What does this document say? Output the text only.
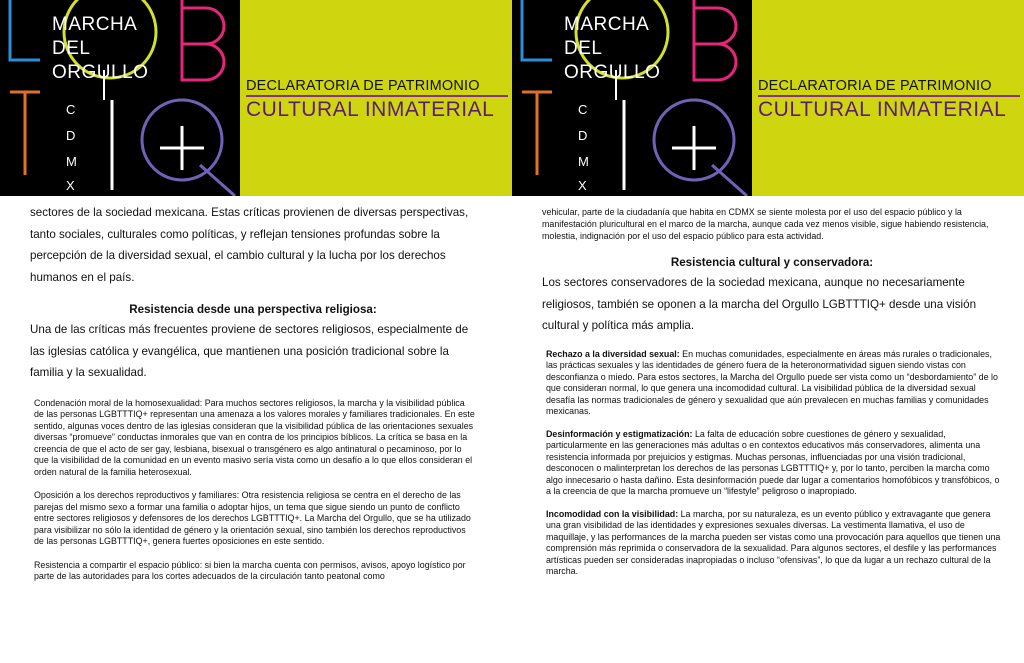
MARCHA
DEL
ORGULLO
C
D
M
X
DECLARATORIA DE PATRIMONIO
CULTURAL INMATERIAL

sectores de la sociedad mexicana. Estas críticas provienen de diversas perspectivas, tanto sociales, culturales como políticas, y reflejan tensiones profundas sobre la percepción de la diversidad sexual, el cambio cultural y la lucha por los derechos humanos en el país.

Resistencia desde una perspectiva religiosa:

Una de las críticas más frecuentes proviene de sectores religiosos, especialmente de las iglesias católica y evangélica, que mantienen una posición tradicional sobre la familia y la sexualidad.

Condenación moral de la homosexualidad: Para muchos sectores religiosos, la marcha y la visibilidad pública de las personas LGBTTTIQ+ representan una amenaza a los valores morales y familiares tradicionales. En este sentido, algunas voces dentro de las iglesias consideran que la visibilidad pública de las orientaciones sexuales diversas “promueve” conductas inmorales que van en contra de los principios bíblicos. La crítica se basa en la creencia de que el acto de ser gay, lesbiana, bisexual o transgénero es algo antinatural o pecaminoso, por lo que la visibilidad de la comunidad en un evento masivo sería vista como un desafío a lo que ellos consideran el orden natural de la familia heterosexual.

Oposición a los derechos reproductivos y familiares: Otra resistencia religiosa se centra en el derecho de las parejas del mismo sexo a formar una familia o adoptar hijos, un tema que sigue siendo un punto de conflicto entre sectores religiosos y defensores de los derechos LGBTTTIQ+. La Marcha del Orgullo, que se ha utilizado para visibilizar no sólo la identidad de género y la orientación sexual, sino también los derechos reproductivos de las personas LGBTTTIQ+, genera fuertes oposiciones en este sentido.

Resistencia a compartir el espacio público: si bien la marcha cuenta con permisos, avisos, apoyo logístico por parte de las autoridades para los cortes adecuados de la circulación tanto peatonal como

MARCHA
DEL
ORGULLO
C
D
M
X
DECLARATORIA DE PATRIMONIO
CULTURAL INMATERIAL

vehicular, parte de la ciudadanía que habita en CDMX se siente molesta por el uso del espacio público y la manifestación pluricultural en el marco de la marcha, aunque cada vez menos visible, sigue habiendo resistencia, molestia, indignación por el uso del espacio público para esta actividad.

Resistencia cultural y conservadora:

Los sectores conservadores de la sociedad mexicana, aunque no necesariamente religiosos, también se oponen a la marcha del Orgullo LGBTTTIQ+ desde una visión cultural y política más amplia.

Rechazo a la diversidad sexual: En muchas comunidades, especialmente en áreas más rurales o tradicionales, las prácticas sexuales y las identidades de género fuera de la heteronormatividad siguen siendo vistas con desconfianza o miedo. Para estos sectores, la Marcha del Orgullo puede ser vista como un “desbordamiento” de lo que consideran normal, lo que genera una incomodidad cultural. La visibilidad pública de la diversidad sexual desafía las normas tradicionales de género y sexualidad que aún prevalecen en muchas familias y comunidades mexicanas.

Desinformación y estigmatización: La falta de educación sobre cuestiones de género y sexualidad, particularmente en las generaciones más adultas o en contextos educativos más conservadores, alimenta una resistencia informada por prejuicios y estigmas. Muchas personas, influenciadas por una visión tradicional, desconocen o malinterpretan los derechos de las personas LGBTTTIQ+ y, por lo tanto, perciben la marcha como algo innecesario o hasta dañino. Esta desinformación puede dar lugar a comentarios homofóbicos y transfóbicos, o a la creencia de que la marcha promueve un “lifestyle” peligroso o inapropiado.

Incomodidad con la visibilidad: La marcha, por su naturaleza, es un evento público y extravagante que genera una gran visibilidad de las identidades y expresiones sexuales diversas. La vestimenta llamativa, el uso de maquillaje, y las performances de la marcha pueden ser vistas como una provocación para aquellos que tienen una comprensión más reprimida o conservadora de la sexualidad. Para algunos sectores, el desfile y las performances artísticas pueden ser consideradas inapropiadas o incluso “ofensivas”, lo que da lugar a un rechazo cultural de la marcha.
